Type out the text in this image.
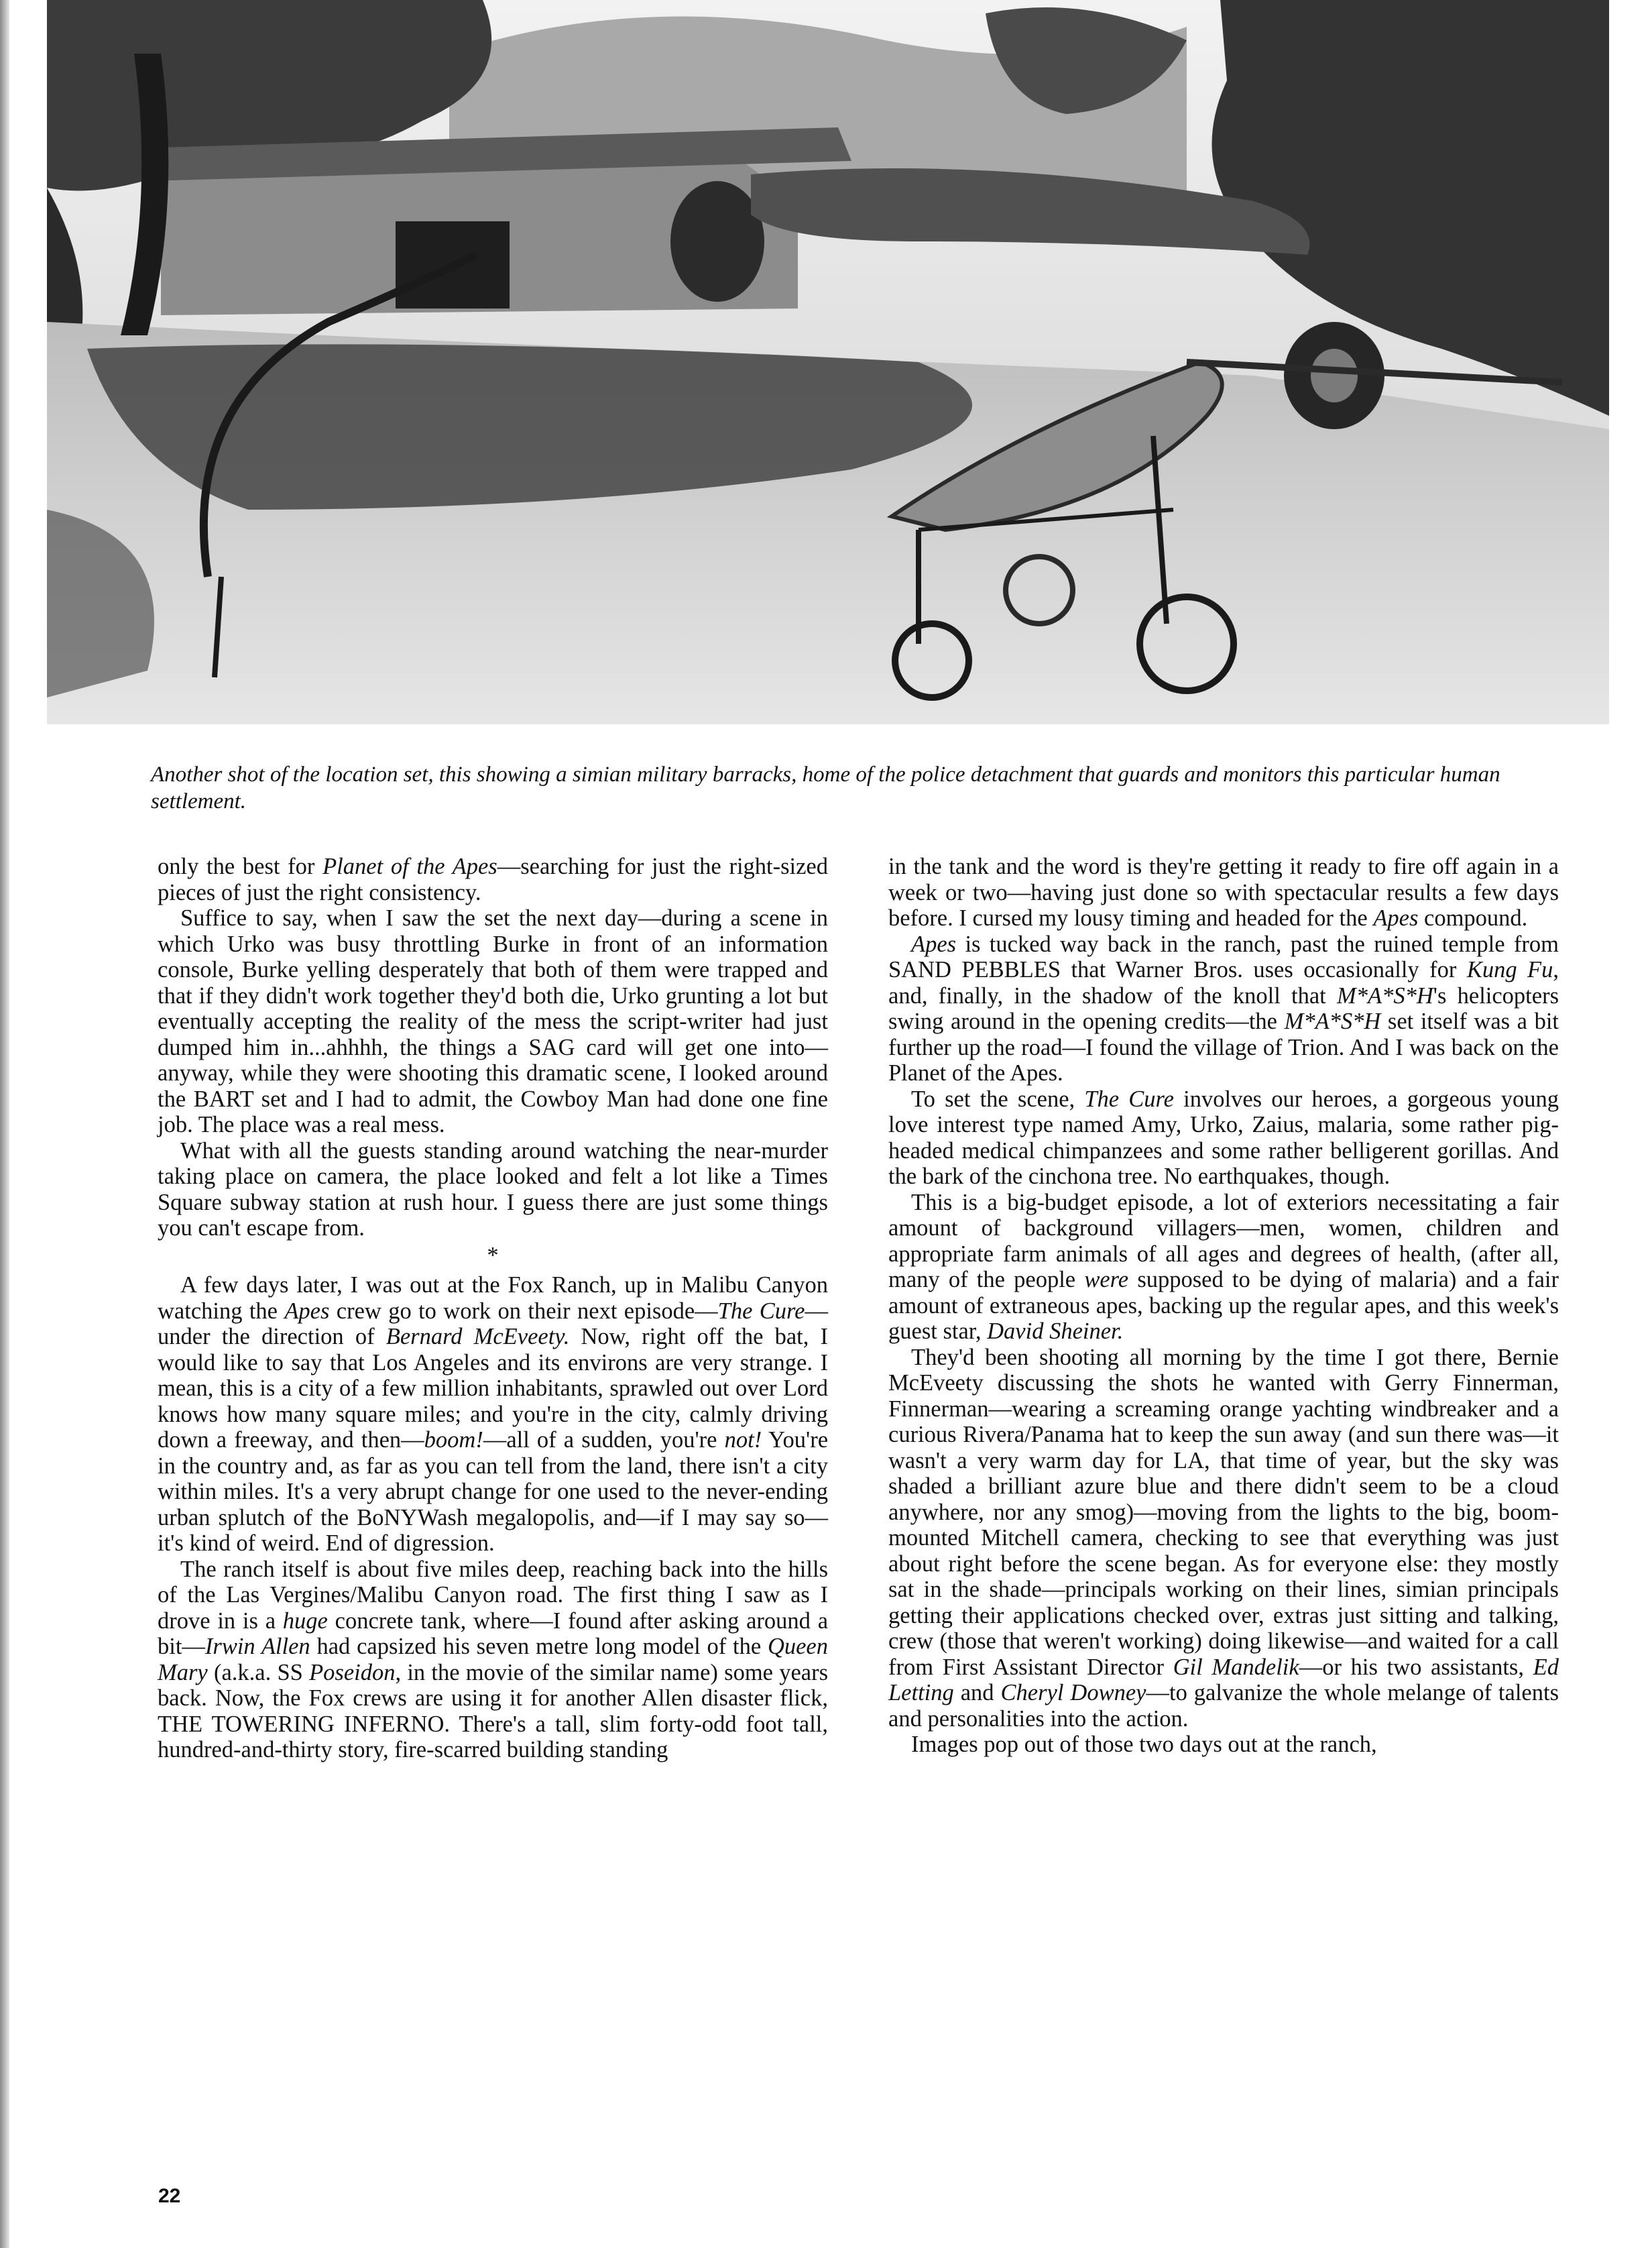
Another shot of the location set, this showing a simian military barracks, home of the police detachment that guards and monitors this particular human settlement.

only the best for Planet of the Apes—searching for just the right-sized pieces of just the right consistency.

Suffice to say, when I saw the set the next day—during a scene in which Urko was busy throttling Burke in front of an information console, Burke yelling desperately that both of them were trapped and that if they didn't work together they'd both die, Urko grunting a lot but eventually accepting the reality of the mess the script-writer had just dumped him in...ahhhh, the things a SAG card will get one into—anyway, while they were shooting this dramatic scene, I looked around the BART set and I had to admit, the Cowboy Man had done one fine job. The place was a real mess.

What with all the guests standing around watching the near-murder taking place on camera, the place looked and felt a lot like a Times Square subway station at rush hour. I guess there are just some things you can't escape from.

*

A few days later, I was out at the Fox Ranch, up in Malibu Canyon watching the Apes crew go to work on their next episode—The Cure—under the direction of Bernard McEveety. Now, right off the bat, I would like to say that Los Angeles and its environs are very strange. I mean, this is a city of a few million inhabitants, sprawled out over Lord knows how many square miles; and you're in the city, calmly driving down a freeway, and then—boom!—all of a sudden, you're not! You're in the country and, as far as you can tell from the land, there isn't a city within miles. It's a very abrupt change for one used to the never-ending urban splutch of the BoNYWash megalopolis, and—if I may say so—it's kind of weird. End of digression.

The ranch itself is about five miles deep, reaching back into the hills of the Las Vergines/Malibu Canyon road. The first thing I saw as I drove in is a huge concrete tank, where—I found after asking around a bit—Irwin Allen had capsized his seven metre long model of the Queen Mary (a.k.a. SS Poseidon, in the movie of the similar name) some years back. Now, the Fox crews are using it for another Allen disaster flick, THE TOWERING INFERNO. There's a tall, slim forty-odd foot tall, hundred-and-thirty story, fire-scarred building standing

in the tank and the word is they're getting it ready to fire off again in a week or two—having just done so with spectacular results a few days before. I cursed my lousy timing and headed for the Apes compound.

Apes is tucked way back in the ranch, past the ruined temple from SAND PEBBLES that Warner Bros. uses occasionally for Kung Fu, and, finally, in the shadow of the knoll that M*A*S*H's helicopters swing around in the opening credits—the M*A*S*H set itself was a bit further up the road—I found the village of Trion. And I was back on the Planet of the Apes.

To set the scene, The Cure involves our heroes, a gorgeous young love interest type named Amy, Urko, Zaius, malaria, some rather pig-headed medical chimpanzees and some rather belligerent gorillas. And the bark of the cinchona tree. No earthquakes, though.

This is a big-budget episode, a lot of exteriors necessitating a fair amount of background villagers—men, women, children and appropriate farm animals of all ages and degrees of health, (after all, many of the people were supposed to be dying of malaria) and a fair amount of extraneous apes, backing up the regular apes, and this week's guest star, David Sheiner.

They'd been shooting all morning by the time I got there, Bernie McEveety discussing the shots he wanted with Gerry Finnerman, Finnerman—wearing a screaming orange yachting windbreaker and a curious Rivera/Panama hat to keep the sun away (and sun there was—it wasn't a very warm day for LA, that time of year, but the sky was shaded a brilliant azure blue and there didn't seem to be a cloud anywhere, nor any smog)—moving from the lights to the big, boom-mounted Mitchell camera, checking to see that everything was just about right before the scene began. As for everyone else: they mostly sat in the shade—principals working on their lines, simian principals getting their applications checked over, extras just sitting and talking, crew (those that weren't working) doing likewise—and waited for a call from First Assistant Director Gil Mandelik—or his two assistants, Ed Letting and Cheryl Downey—to galvanize the whole melange of talents and personalities into the action.

Images pop out of those two days out at the ranch,

22
